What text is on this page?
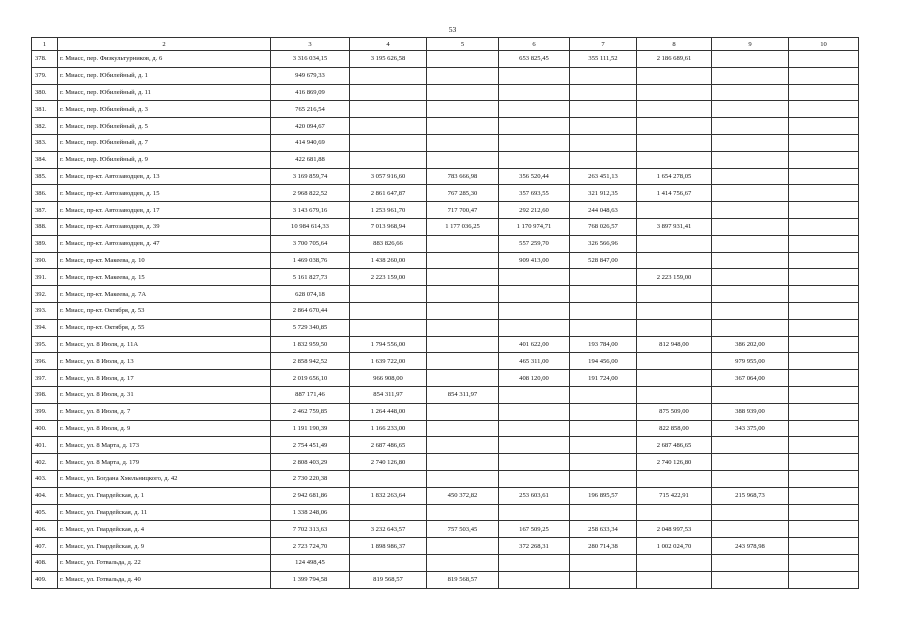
53
1	2	3	4	5	6	7	8	9	10
378.	г. Миасс, пер. Физкультурников, д. 6	3 316 034,15	3 195 626,58		653 825,45	355 111,52	2 186 689,61		
379.	г. Миасс, пер. Юбилейный, д. 1	949 679,33							
380.	г. Миасс, пер. Юбилейный, д. 11	416 869,09							
381.	г. Миасс, пер. Юбилейный, д. 3	765 216,54							
382.	г. Миасс, пер. Юбилейный, д. 5	420 094,67							
383.	г. Миасс, пер. Юбилейный, д. 7	414 940,69							
384.	г. Миасс, пер. Юбилейный, д. 9	422 681,88							
385.	г. Миасс, пр-кт. Автозаводцев, д. 13	3 169 859,74	3 057 916,60	783 666,98	356 520,44	263 451,13	1 654 278,05		
386.	г. Миасс, пр-кт. Автозаводцев, д. 15	2 968 822,52	2 861 647,87	767 285,30	357 693,55	321 912,35	1 414 756,67		
387.	г. Миасс, пр-кт. Автозаводцев, д. 17	3 143 679,16	1 253 961,70	717 700,47	292 212,60	244 048,63			
388.	г. Миасс, пр-кт. Автозаводцев, д. 39	10 984 614,33	7 013 968,94	1 177 036,25	1 170 974,71	768 026,57	3 897 931,41		
389.	г. Миасс, пр-кт. Автозаводцев, д. 47	3 700 705,64	883 826,66		557 259,70	326 566,96			
390.	г. Миасс, пр-кт. Макеева, д. 10	1 469 038,76	1 438 260,00		909 413,00	528 847,00			
391.	г. Миасс, пр-кт. Макеева, д. 15	5 161 827,73	2 223 159,00				2 223 159,00		
392.	г. Миасс, пр-кт. Макеева, д. 7А	628 074,18							
393.	г. Миасс, пр-кт. Октября, д. 53	2 864 670,44							
394.	г. Миасс, пр-кт. Октября, д. 55	5 729 340,85							
395.	г. Миасс, ул. 8 Июля, д. 11А	1 832 959,50	1 794 556,00		401 622,00	193 784,00	812 948,00	386 202,00	
396.	г. Миасс, ул. 8 Июля, д. 13	2 858 942,52	1 639 722,00		465 311,00	194 456,00		979 955,00	
397.	г. Миасс, ул. 8 Июля, д. 17	2 019 656,10	966 908,00		408 120,00	191 724,00		367 064,00	
398.	г. Миасс, ул. 8 Июля, д. 31	887 171,46	854 311,97	854 311,97					
399.	г. Миасс, ул. 8 Июля, д. 7	2 462 759,85	1 264 448,00				875 509,00	388 939,00	
400.	г. Миасс, ул. 8 Июля, д. 9	1 191 190,39	1 166 233,00				822 858,00	343 375,00	
401.	г. Миасс, ул. 8 Марта, д. 173	2 754 451,49	2 687 486,65				2 687 486,65		
402.	г. Миасс, ул. 8 Марта, д. 179	2 808 403,29	2 740 126,80				2 740 126,80		
403.	г. Миасс, ул. Богдана Хмельницкого, д. 42	2 730 220,38							
404.	г. Миасс, ул. Гвардейская, д. 1	2 942 681,86	1 832 263,64	450 372,82	253 603,61	196 895,57	715 422,91	215 968,73	
405.	г. Миасс, ул. Гвардейская, д. 11	1 338 248,06							
406.	г. Миасс, ул. Гвардейская, д. 4	7 702 313,63	3 232 643,57	757 503,45	167 509,25	258 633,34	2 048 997,53		
407.	г. Миасс, ул. Гвардейская, д. 9	2 723 724,70	1 898 986,37		372 268,31	280 714,38	1 002 024,70	243 978,98	
408.	г. Миасс, ул. Готвальда, д. 22	124 498,45							
409.	г. Миасс, ул. Готвальда, д. 40	1 399 794,58	819 568,57	819 568,57					
